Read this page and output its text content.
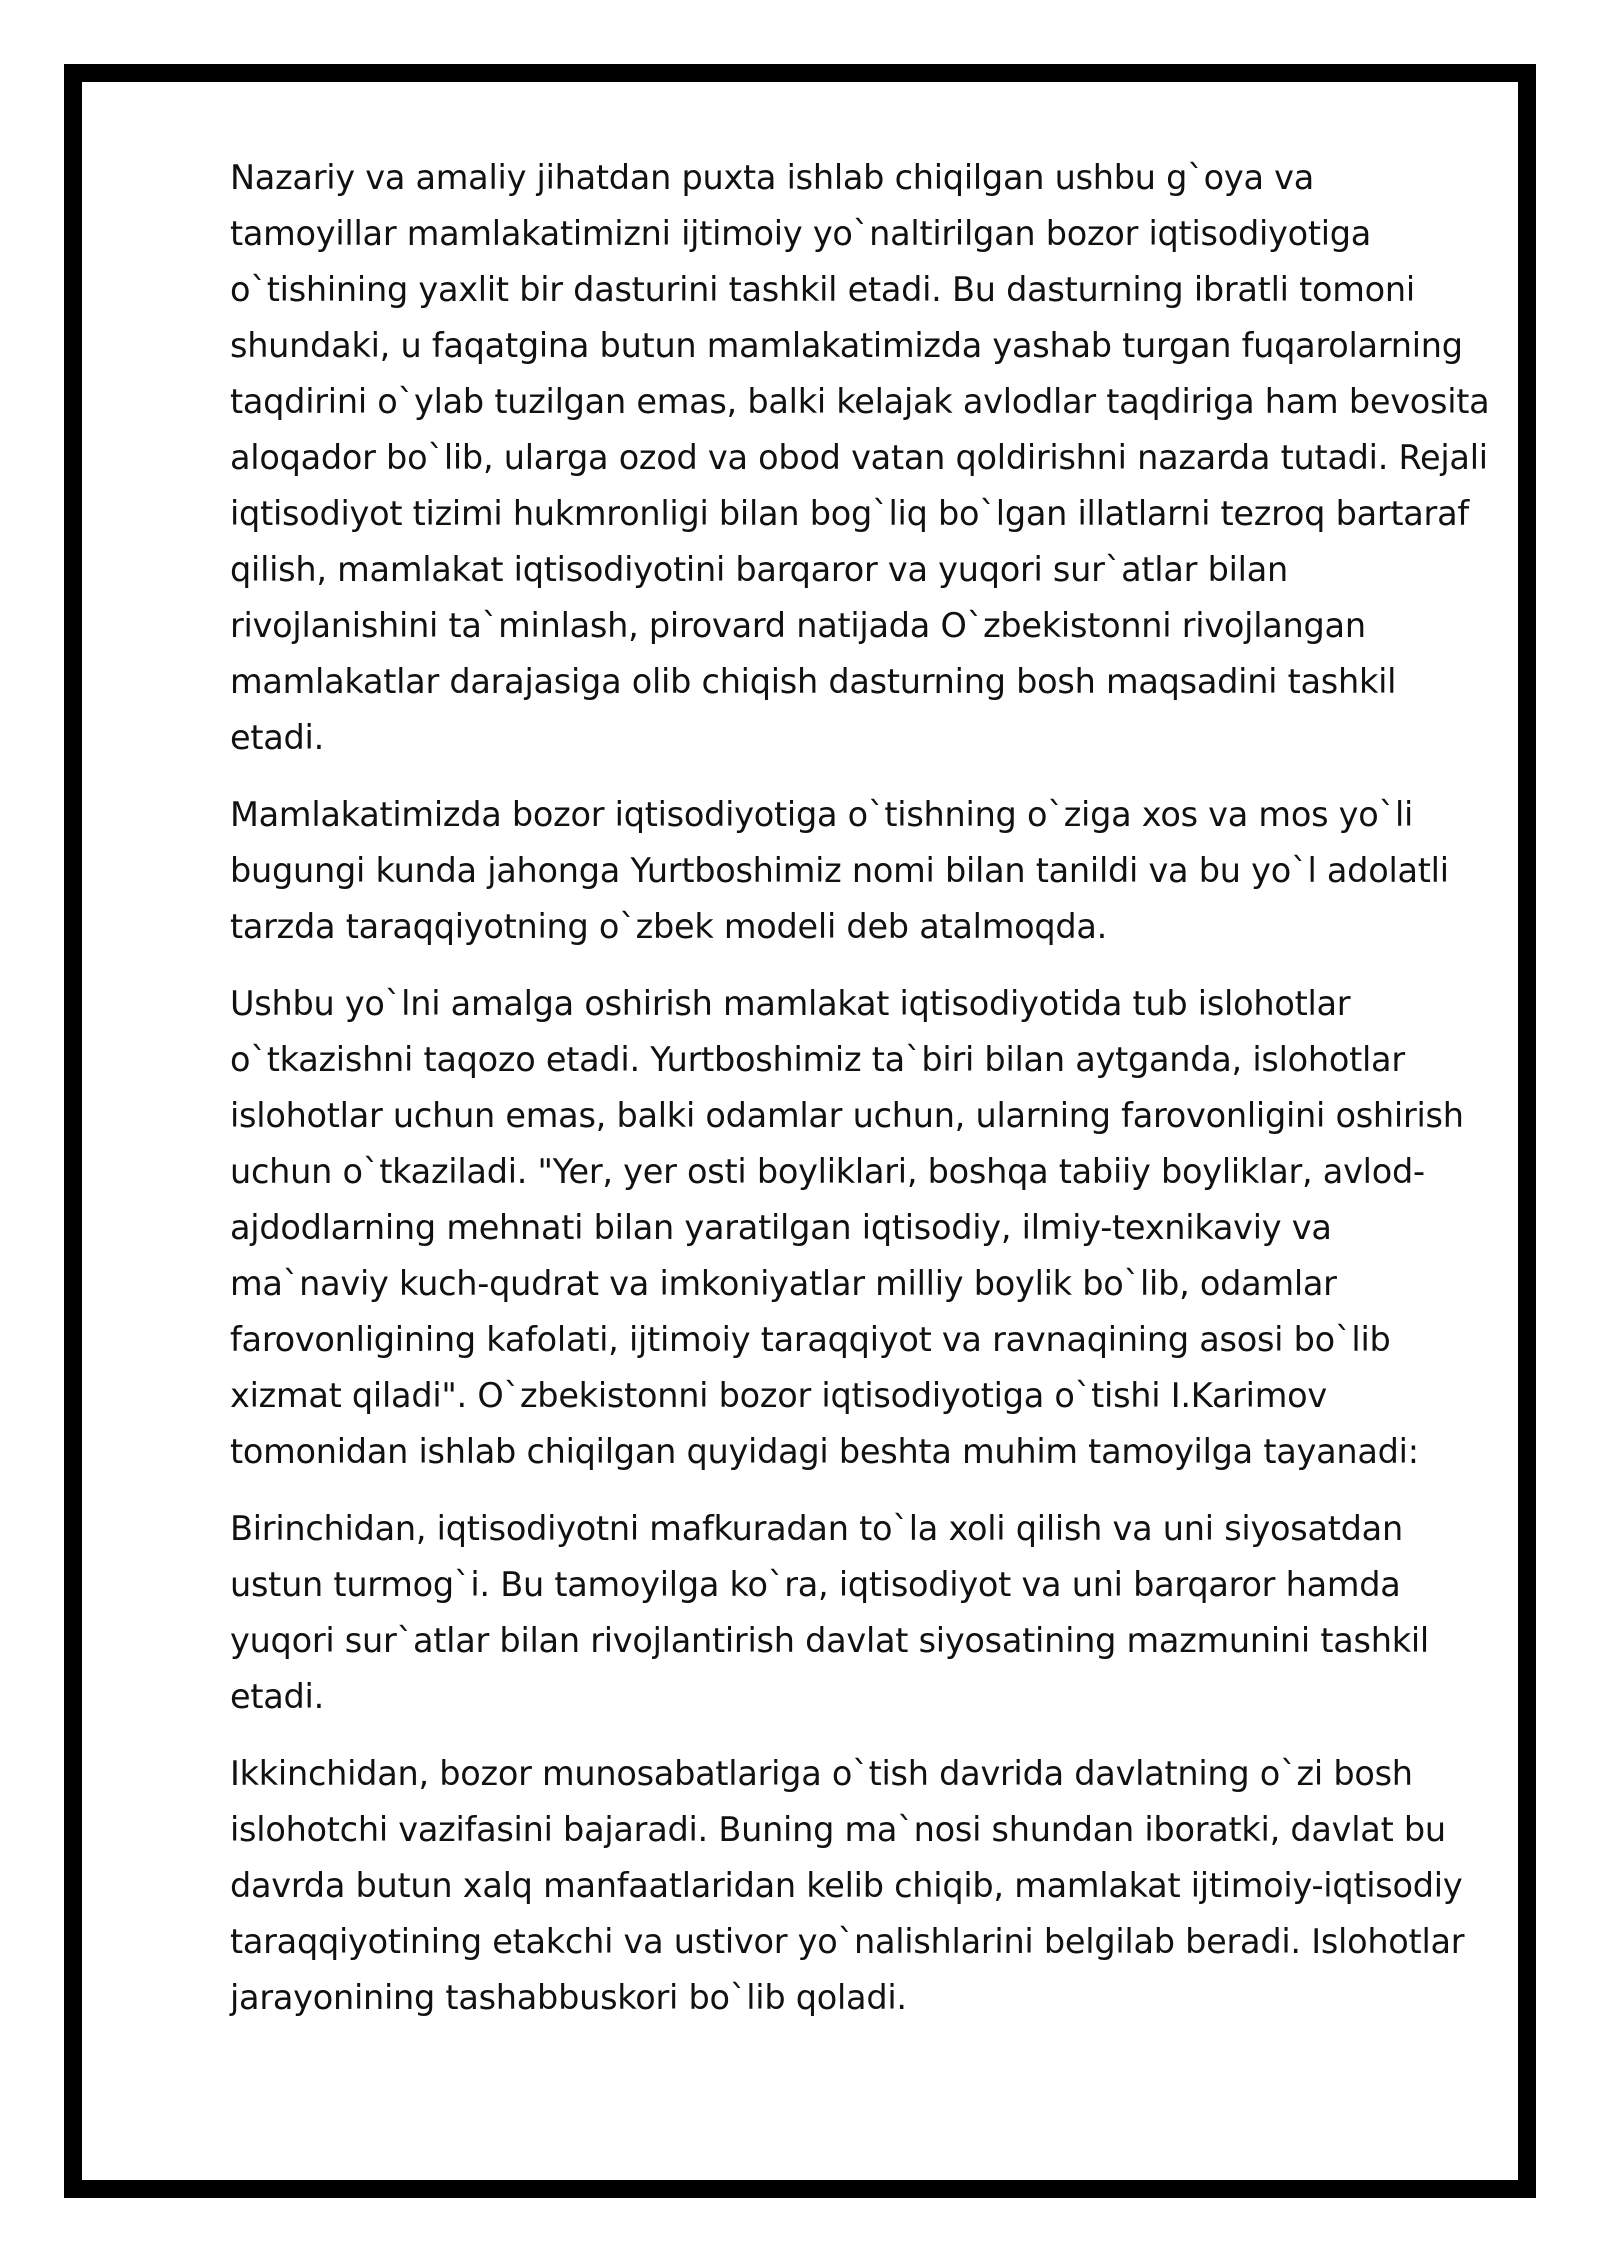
Nazariy va amaliy jihatdan puxta ishlab chiqilgan ushbu g`oya va tamoyillar mamlakatimizni ijtimoiy yo`naltirilgan bozor iqtisodiyotiga o`tishining yaxlit bir dasturini tashkil etadi. Bu dasturning ibratli tomoni shundaki, u faqatgina butun mamlakatimizda yashab turgan fuqarolarning taqdirini o`ylab tuzilgan emas, balki kelajak avlodlar taqdiriga ham bevosita aloqador bo`lib, ularga ozod va obod vatan qoldirishni nazarda tutadi. Rejali iqtisodiyot tizimi hukmronligi bilan bog`liq bo`lgan illatlarni tezroq bartaraf qilish, mamlakat iqtisodiyotini barqaror va yuqori sur`atlar bilan rivojlanishini ta`minlash, pirovard natijada O`zbekistonni rivojlangan mamlakatlar darajasiga olib chiqish dasturning bosh maqsadini tashkil etadi.

Mamlakatimizda bozor iqtisodiyotiga o`tishning o`ziga xos va mos yo`li bugungi kunda jahonga Yurtboshimiz nomi bilan tanildi va bu yo`l adolatli tarzda taraqqiyotning o`zbek modeli deb atalmoqda.

Ushbu yo`lni amalga oshirish mamlakat iqtisodiyotida tub islohotlar o`tkazishni taqozo etadi. Yurtboshimiz ta`biri bilan aytganda, islohotlar islohotlar uchun emas, balki odamlar uchun, ularning farovonligini oshirish uchun o`tkaziladi. "Yer, yer osti boyliklari, boshqa tabiiy boyliklar, avlod-ajdodlarning mehnati bilan yaratilgan iqtisodiy, ilmiy-texnikaviy va ma`naviy kuch-qudrat va imkoniyatlar milliy boylik bo`lib, odamlar farovonligining kafolati, ijtimoiy taraqqiyot va ravnaqining asosi bo`lib xizmat qiladi". O`zbekistonni bozor iqtisodiyotiga o`tishi I.Karimov tomonidan ishlab chiqilgan quyidagi beshta muhim tamoyilga tayanadi:

Birinchidan, iqtisodiyotni mafkuradan to`la xoli qilish va uni siyosatdan ustun turmog`i. Bu tamoyilga ko`ra, iqtisodiyot va uni barqaror hamda yuqori sur`atlar bilan rivojlantirish davlat siyosatining mazmunini tashkil etadi.

Ikkinchidan, bozor munosabatlariga o`tish davrida davlatning o`zi bosh islohotchi vazifasini bajaradi. Buning ma`nosi shundan iboratki, davlat bu davrda butun xalq manfaatlaridan kelib chiqib, mamlakat ijtimoiy-iqtisodiy taraqqiyotining etakchi va ustivor yo`nalishlarini belgilab beradi. Islohotlar jarayonining tashabbuskori bo`lib qoladi.
